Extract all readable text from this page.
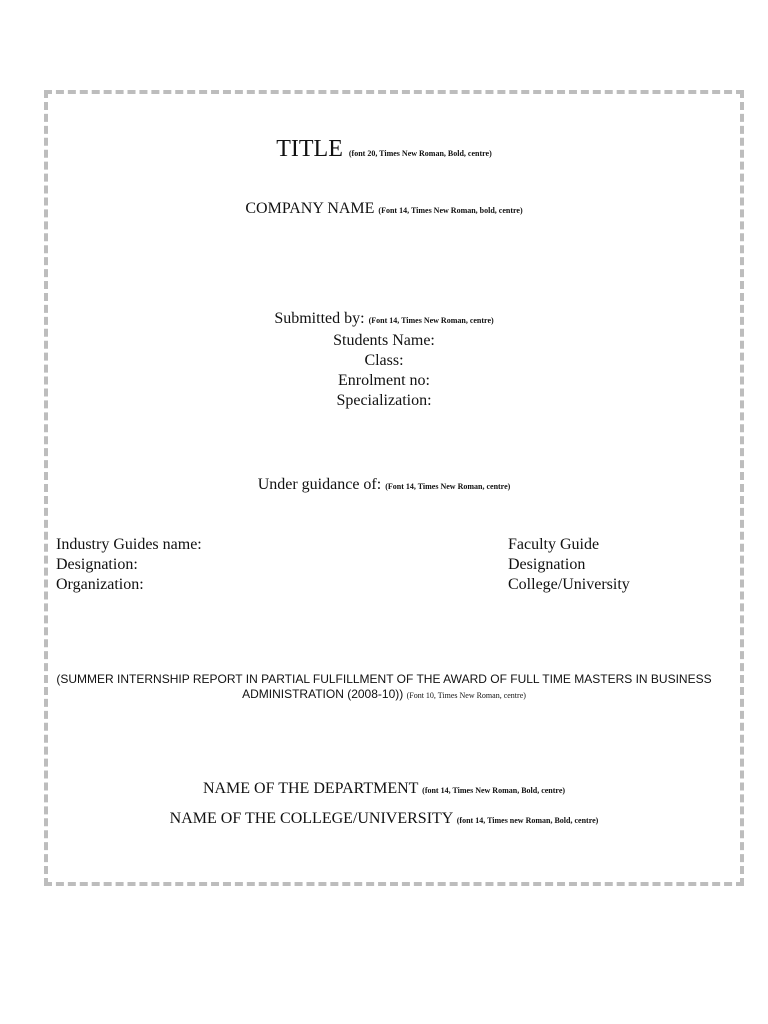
TITLE (font 20, Times New Roman, Bold, centre)
COMPANY NAME (Font 14, Times New Roman, bold, centre)
Submitted by: (Font 14, Times New Roman, centre)
Students Name:
Class:
Enrolment no:
Specialization:
Under guidance of: (Font 14, Times New Roman, centre)
Industry Guides name:
Designation:
Organization:
Faculty Guide
Designation
College/University
(SUMMER INTERNSHIP REPORT IN PARTIAL FULFILLMENT OF THE AWARD OF FULL TIME MASTERS IN BUSINESS
ADMINISTRATION (2008-10)) (Font 10, Times New Roman, centre)
NAME OF THE DEPARTMENT (font 14, Times New Roman, Bold, centre)
NAME OF THE COLLEGE/UNIVERSITY (font 14, Times new Roman, Bold, centre)
